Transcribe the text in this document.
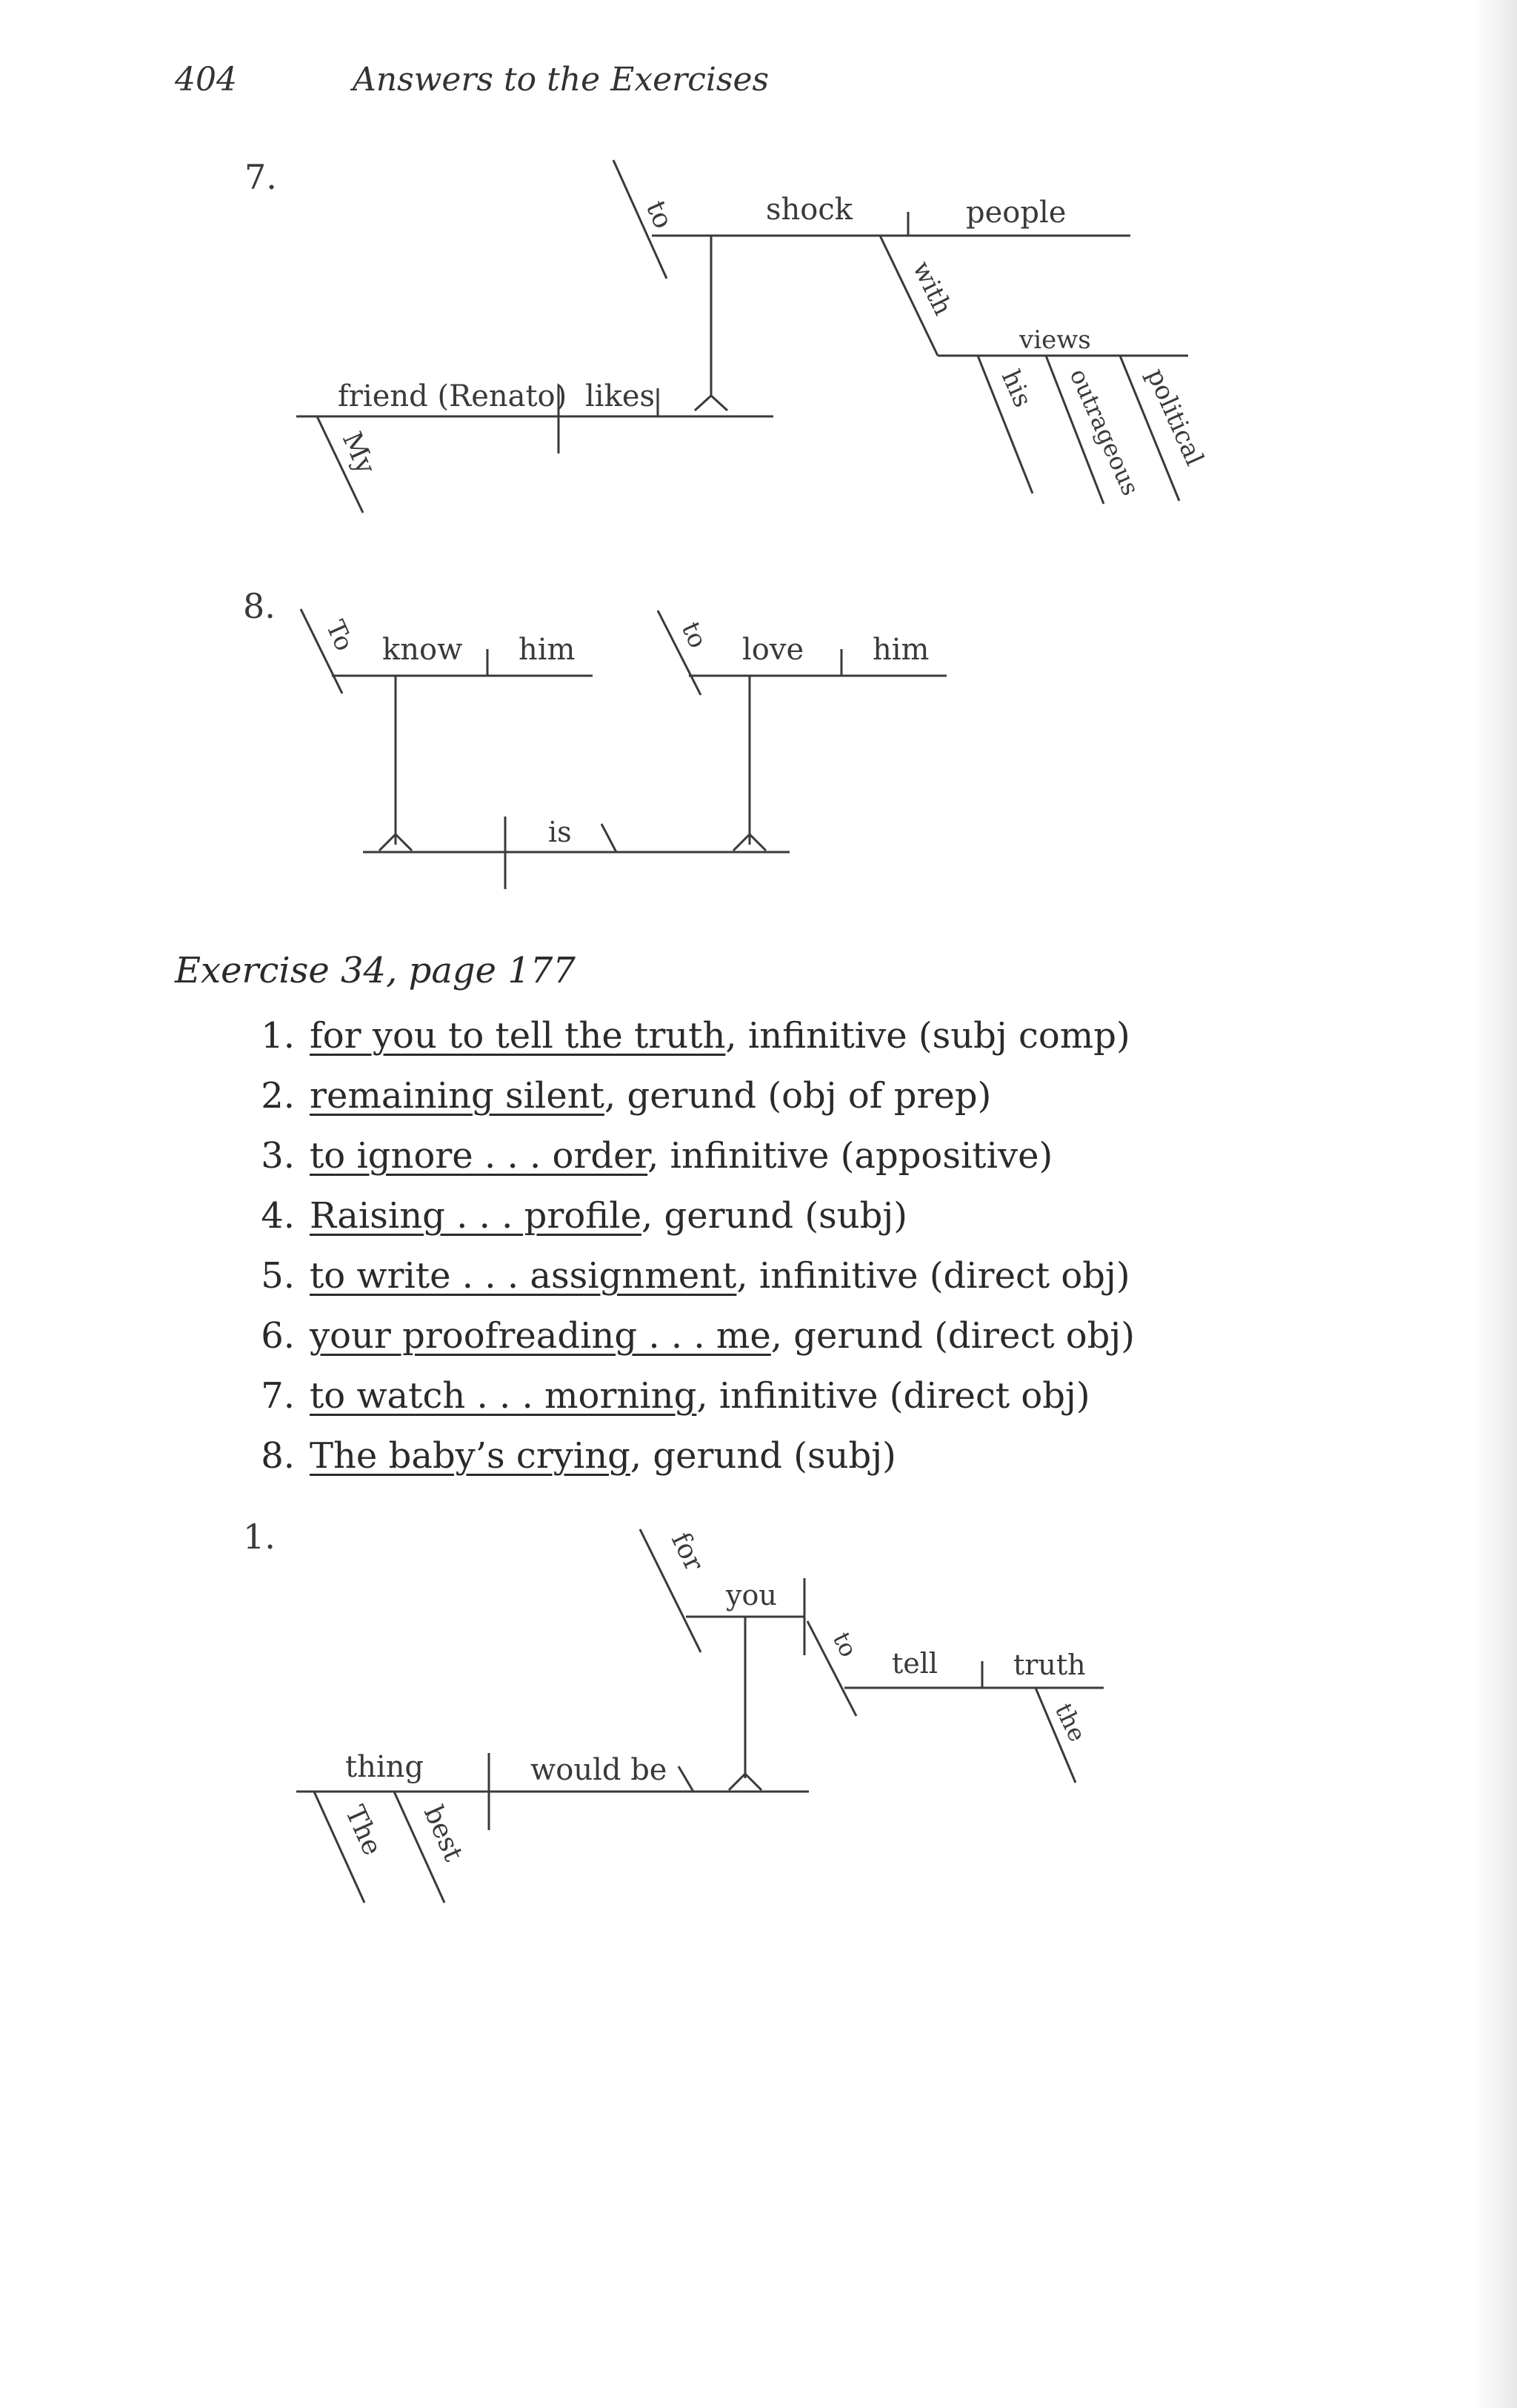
404	Answers to the Exercises
7.
to	shock	people
with
views
his outrageous
political
friend (Renato) likes
My
8.
To know him	to love him
is
Exercise 34, page 177
1. for you to tell the truth, infinitive (subj comp)
2. remaining silent, gerund (obj of prep)
3. to ignore . . . order, infinitive (appositive)
4. Raising . . . profile, gerund (subj)
5. to write . . . assignment, infinitive (direct obj)
6. your proofreading . . . me, gerund (direct obj)
7. to watch . . . morning, infinitive (direct obj)
8. The baby’s crying, gerund (subj)
1.	for
you
to
tell	truth
the
thing	would be
The best
